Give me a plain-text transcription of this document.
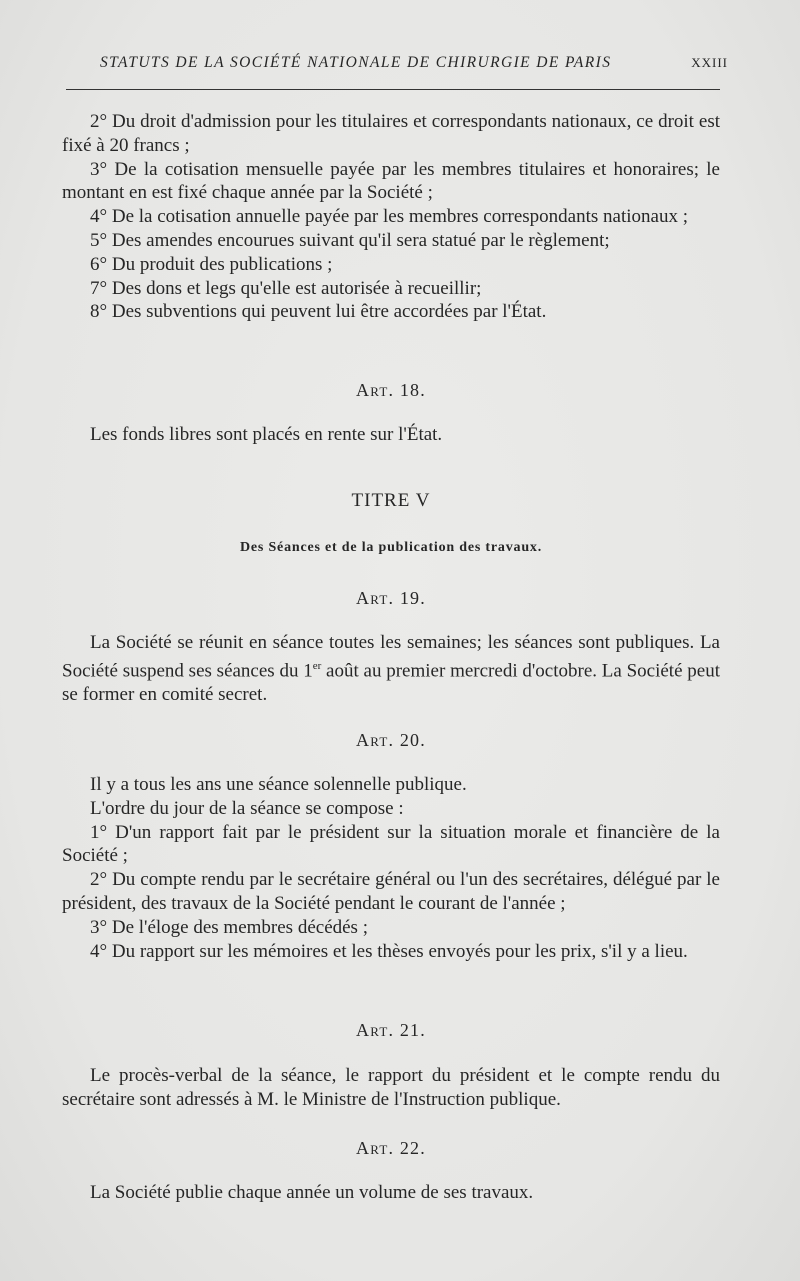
STATUTS DE LA SOCIÉTÉ NATIONALE DE CHIRURGIE DE PARIS	XXIII

2° Du droit d'admission pour les titulaires et correspondants nationaux, ce droit est fixé à 20 francs ;

3° De la cotisation mensuelle payée par les membres titulaires et honoraires; le montant en est fixé chaque année par la Société ;

4° De la cotisation annuelle payée par les membres correspondants nationaux ;

5° Des amendes encourues suivant qu'il sera statué par le règlement;

6° Du produit des publications ;

7° Des dons et legs qu'elle est autorisée à recueillir;

8° Des subventions qui peuvent lui être accordées par l'État.

Art. 18.

Les fonds libres sont placés en rente sur l'État.

TITRE V
Des Séances et de la publication des travaux.
Art. 19.

La Société se réunit en séance toutes les semaines; les séances sont publiques. La Société suspend ses séances du 1er août au premier mercredi d'octobre. La Société peut se former en comité secret.

Art. 20.

Il y a tous les ans une séance solennelle publique.

L'ordre du jour de la séance se compose :

1° D'un rapport fait par le président sur la situation morale et financière de la Société ;

2° Du compte rendu par le secrétaire général ou l'un des secrétaires, délégué par le président, des travaux de la Société pendant le courant de l'année ;

3° De l'éloge des membres décédés ;

4° Du rapport sur les mémoires et les thèses envoyés pour les prix, s'il y a lieu.

Art. 21.

Le procès-verbal de la séance, le rapport du président et le compte rendu du secrétaire sont adressés à M. le Ministre de l'Instruction publique.

Art. 22.

La Société publie chaque année un volume de ses travaux.
